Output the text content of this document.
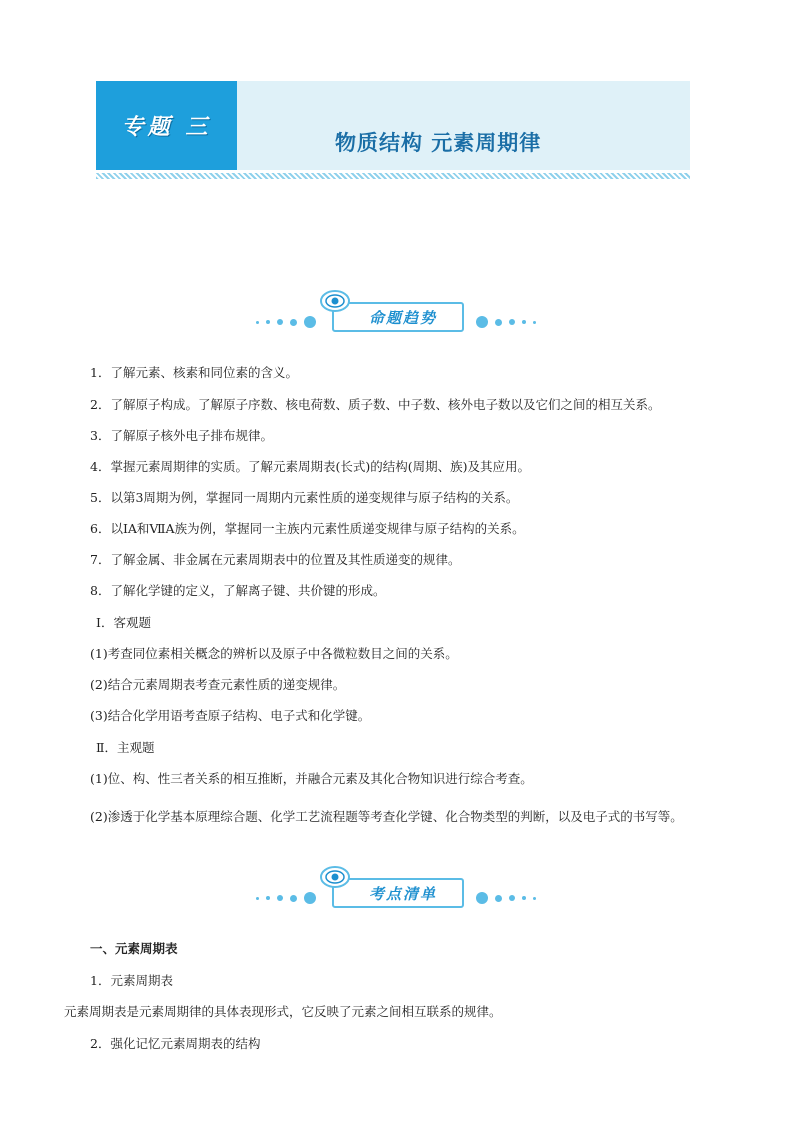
专题 三
物质结构 元素周期律
命题趋势
1．了解元素、核素和同位素的含义。
2．了解原子构成。了解原子序数、核电荷数、质子数、中子数、核外电子数以及它们之间的相互关系。
3．了解原子核外电子排布规律。
4．掌握元素周期律的实质。了解元素周期表(长式)的结构(周期、族)及其应用。
5．以第3周期为例，掌握同一周期内元素性质的递变规律与原子结构的关系。
6．以ⅠA和ⅦA族为例，掌握同一主族内元素性质递变规律与原子结构的关系。
7．了解金属、非金属在元素周期表中的位置及其性质递变的规律。
8．了解化学键的定义，了解离子键、共价键的形成。
Ⅰ．客观题
(1)考查同位素相关概念的辨析以及原子中各微粒数目之间的关系。
(2)结合元素周期表考查元素性质的递变规律。
(3)结合化学用语考查原子结构、电子式和化学键。
Ⅱ．主观题
(1)位、构、性三者关系的相互推断，并融合元素及其化合物知识进行综合考查。
(2)渗透于化学基本原理综合题、化学工艺流程题等考查化学键、化合物类型的判断，以及电子式的书写等。
考点清单
一、元素周期表
1．元素周期表
元素周期表是元素周期律的具体表现形式，它反映了元素之间相互联系的规律。
2．强化记忆元素周期表的结构
